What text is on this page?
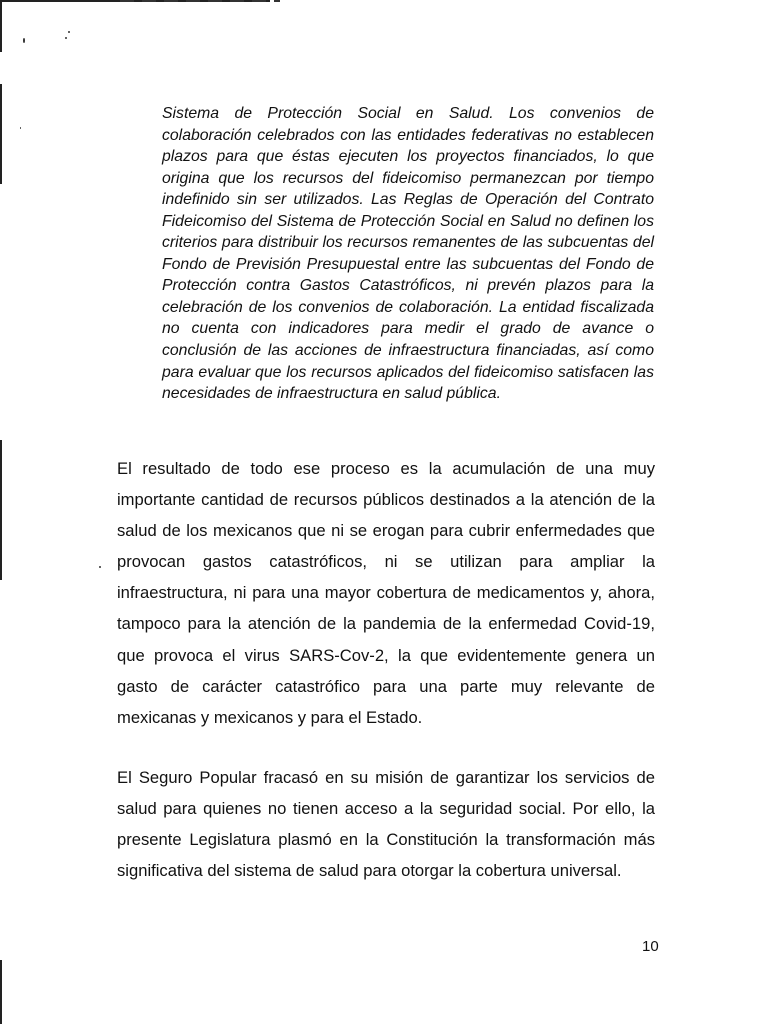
Sistema de Protección Social en Salud. Los convenios de colaboración celebrados con las entidades federativas no establecen plazos para que éstas ejecuten los proyectos financiados, lo que origina que los recursos del fideicomiso permanezcan por tiempo indefinido sin ser utilizados. Las Reglas de Operación del Contrato Fideicomiso del Sistema de Protección Social en Salud no definen los criterios para distribuir los recursos remanentes de las subcuentas del Fondo de Previsión Presupuestal entre las subcuentas del Fondo de Protección contra Gastos Catastróficos, ni prevén plazos para la celebración de los convenios de colaboración. La entidad fiscalizada no cuenta con indicadores para medir el grado de avance o conclusión de las acciones de infraestructura financiadas, así como para evaluar que los recursos aplicados del fideicomiso satisfacen las necesidades de infraestructura en salud pública.

El resultado de todo ese proceso es la acumulación de una muy importante cantidad de recursos públicos destinados a la atención de la salud de los mexicanos que ni se erogan para cubrir enfermedades que provocan gastos catastróficos, ni se utilizan para ampliar la infraestructura, ni para una mayor cobertura de medicamentos y, ahora, tampoco para la atención de la pandemia de la enfermedad Covid-19, que provoca el virus SARS-Cov-2, la que evidentemente genera un gasto de carácter catastrófico para una parte muy relevante de mexicanas y mexicanos y para el Estado.

El Seguro Popular fracasó en su misión de garantizar los servicios de salud para quienes no tienen acceso a la seguridad social. Por ello, la presente Legislatura plasmó en la Constitución la transformación más significativa del sistema de salud para otorgar la cobertura universal.

10
